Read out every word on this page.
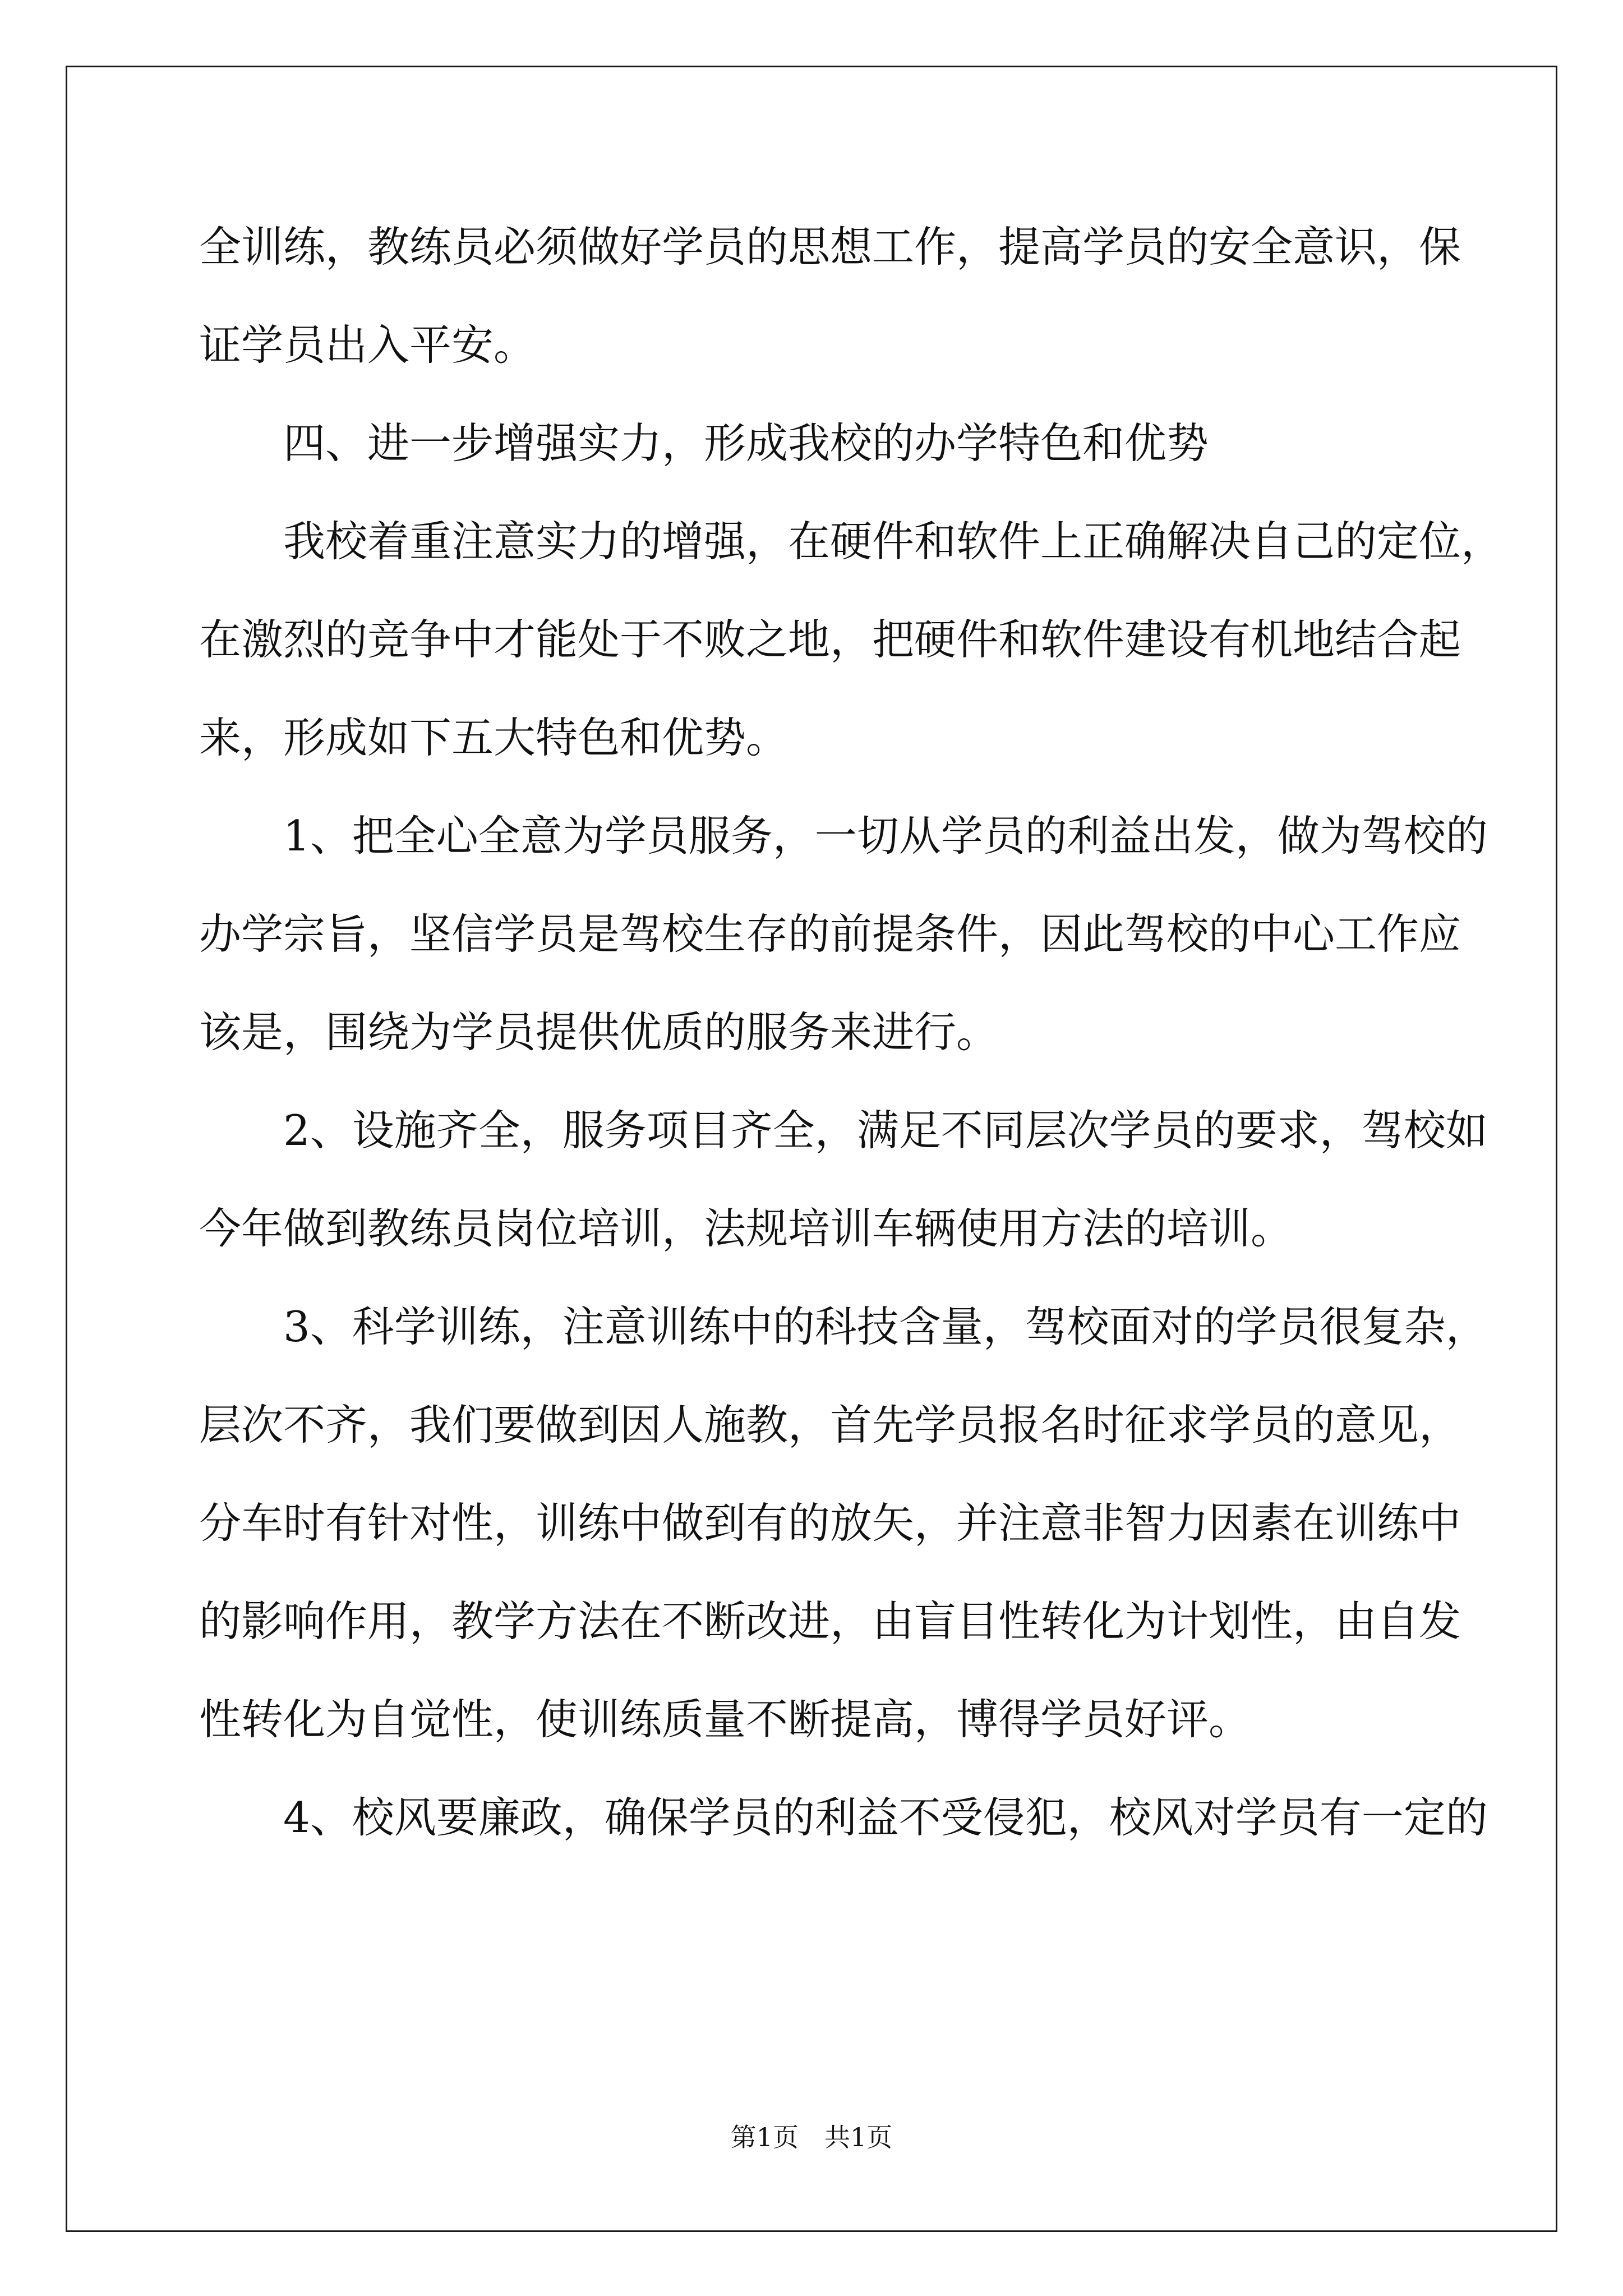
全训练，教练员必须做好学员的思想工作，提高学员的安全意识，保

证学员出入平安。

四、进一步增强实力，形成我校的办学特色和优势

我校着重注意实力的增强，在硬件和软件上正确解决自己的定位，

在激烈的竞争中才能处于不败之地，把硬件和软件建设有机地结合起

来，形成如下五大特色和优势。

1、把全心全意为学员服务，一切从学员的利益出发，做为驾校的

办学宗旨，坚信学员是驾校生存的前提条件，因此驾校的中心工作应

该是，围绕为学员提供优质的服务来进行。

2、设施齐全，服务项目齐全，满足不同层次学员的要求，驾校如

今年做到教练员岗位培训，法规培训车辆使用方法的培训。

3、科学训练，注意训练中的科技含量，驾校面对的学员很复杂，

层次不齐，我们要做到因人施教，首先学员报名时征求学员的意见，

分车时有针对性，训练中做到有的放矢，并注意非智力因素在训练中

的影响作用，教学方法在不断改进，由盲目性转化为计划性，由自发

性转化为自觉性，使训练质量不断提高，博得学员好评。

4、校风要廉政，确保学员的利益不受侵犯，校风对学员有一定的

第1页　共1页
